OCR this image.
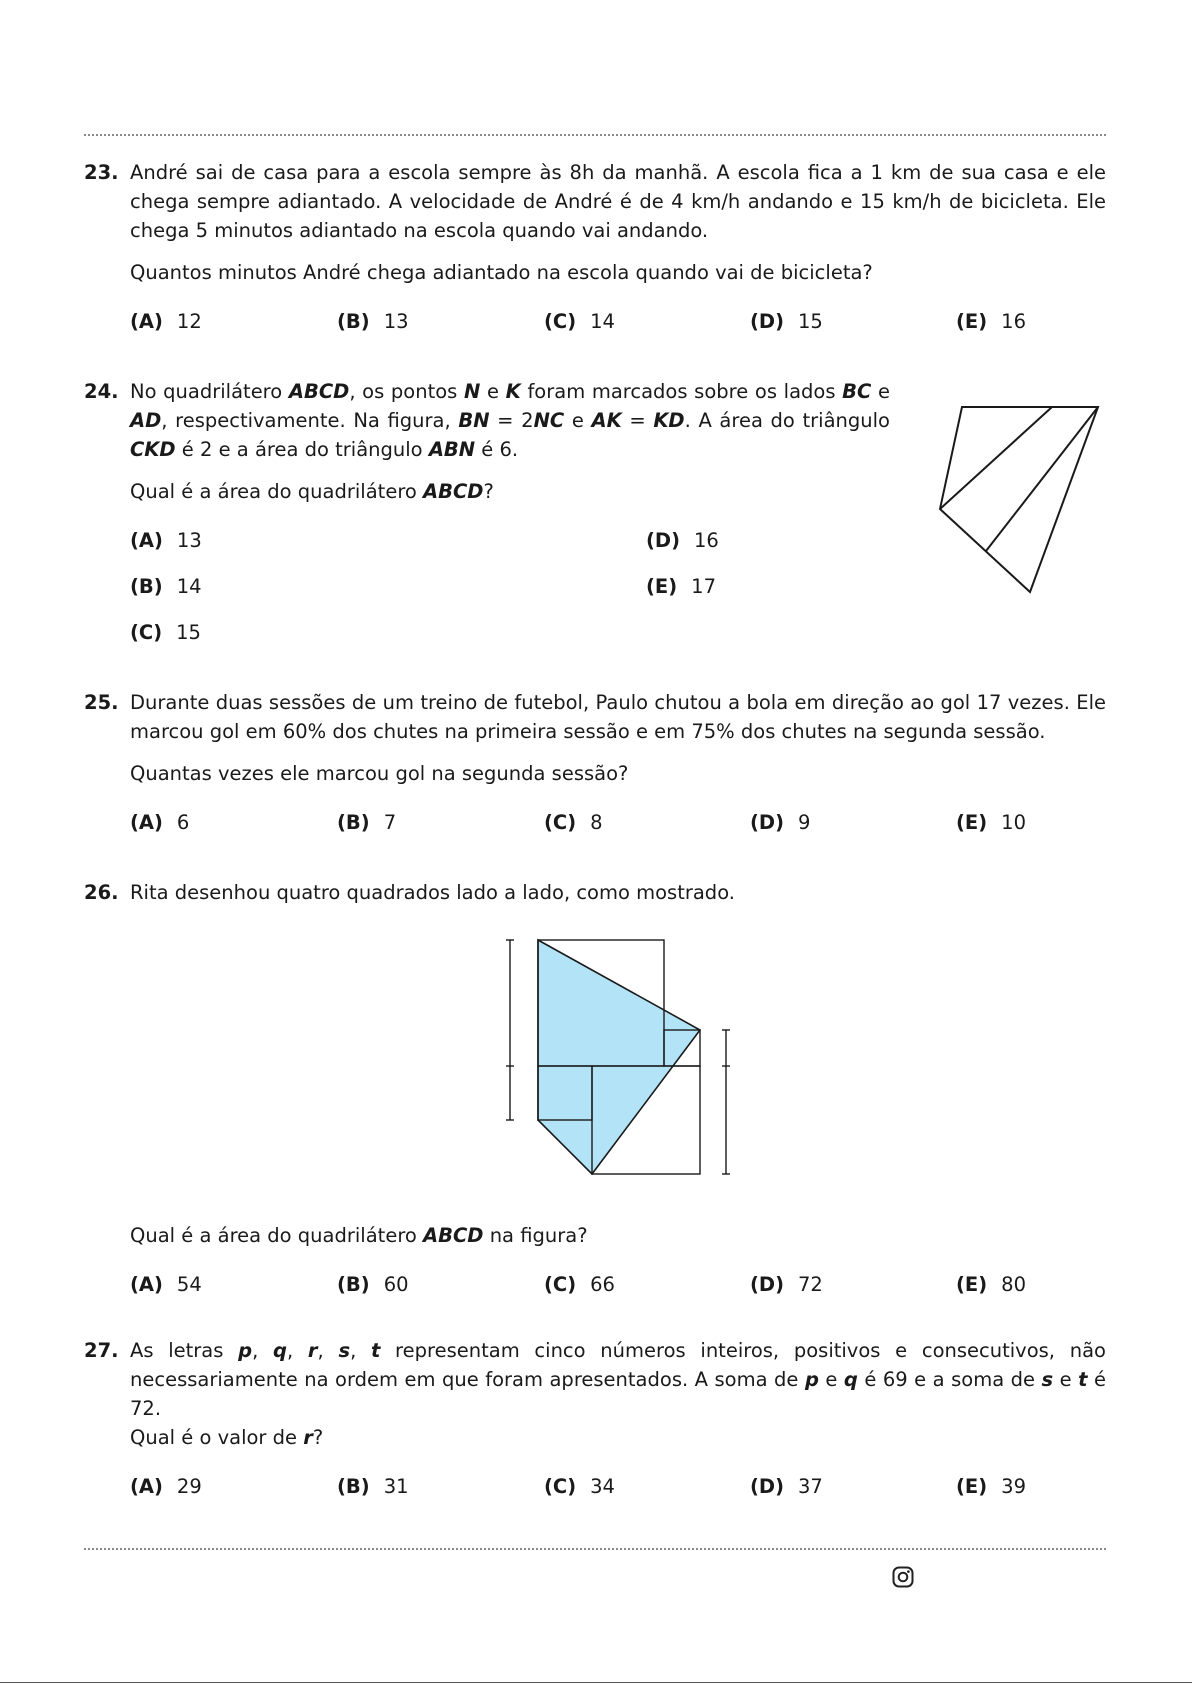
23. André sai de casa para a escola sempre às 8h da manhã. A escola fica a 1 km de sua casa e ele chega sempre adiantado. A velocidade de André é de 4 km/h andando e 15 km/h de bicicleta. Ele chega 5 minutos adiantado na escola quando vai andando.

Quantos minutos André chega adiantado na escola quando vai de bicicleta?

(A) 12	(B) 13	(C) 14	(D) 15	(E) 16
24. No quadrilátero ABCD, os pontos N e K foram marcados sobre os lados BC e AD, respectivamente. Na figura, BN = 2NC e AK = KD. A área do triângulo CKD é 2 e a área do triângulo ABN é 6.

Qual é a área do quadrilátero ABCD?

(A) 13
(B) 14
(C) 15
(D) 16
(E) 17
25. Durante duas sessões de um treino de futebol, Paulo chutou a bola em direção ao gol 17 vezes. Ele marcou gol em 60% dos chutes na primeira sessão e em 75% dos chutes na segunda sessão.

Quantas vezes ele marcou gol na segunda sessão?

(A) 6	(B) 7	(C) 8	(D) 9	(E) 10
26. Rita desenhou quatro quadrados lado a lado, como mostrado.

Qual é a área do quadrilátero ABCD na figura?

(A) 54	(B) 60	(C) 66	(D) 72	(E) 80
27. As letras p, q, r, s, t representam cinco números inteiros, positivos e consecutivos, não necessariamente na ordem em que foram apresentados. A soma de p e q é 69 e a soma de s e t é 72.
Qual é o valor de r?

(A) 29	(B) 31	(C) 34	(D) 37	(E) 39
